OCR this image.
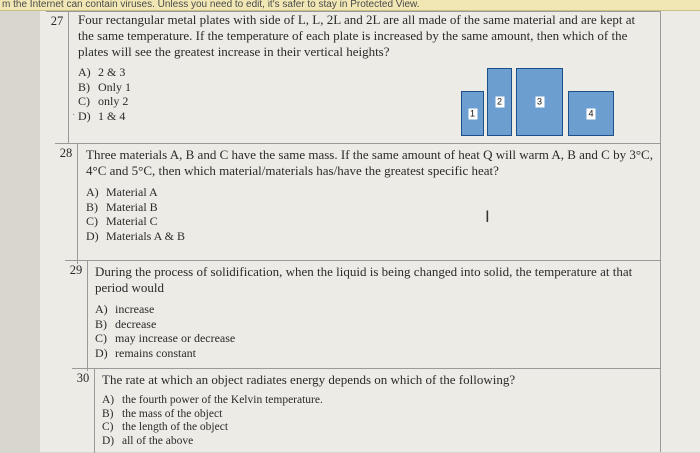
m the Internet can contain viruses. Unless you need to edit, it's safer to stay in Protected View.
27	Four rectangular metal plates with side of L, L, 2L and 2L are all made of the same material and are kept at the same temperature. If the temperature of each plate is increased by the same amount, then which of the plates will see the greatest increase in their vertical heights?
A) 2 & 3
B) Only 1
C) only 2
D) 1 & 4
·	1
2	3
4
28	Three materials A, B and C have the same mass. If the same amount of heat Q will warm A, B and C by 3°C, 4°C and 5°C, then which material/materials has/have the greatest specific heat?
A) Material A
B) Material B
C) Material C
D) Materials A & B
29 During the process of solidification, when the liquid is being changed into solid, the temperature at that period would
A) increase
B) decrease
C) may increase or decrease
D) remains constant
30 The rate at which an object radiates energy depends on which of the following?
A) the fourth power of the Kelvin temperature.
B) the mass of the object
C) the length of the object
D) all of the above
I
